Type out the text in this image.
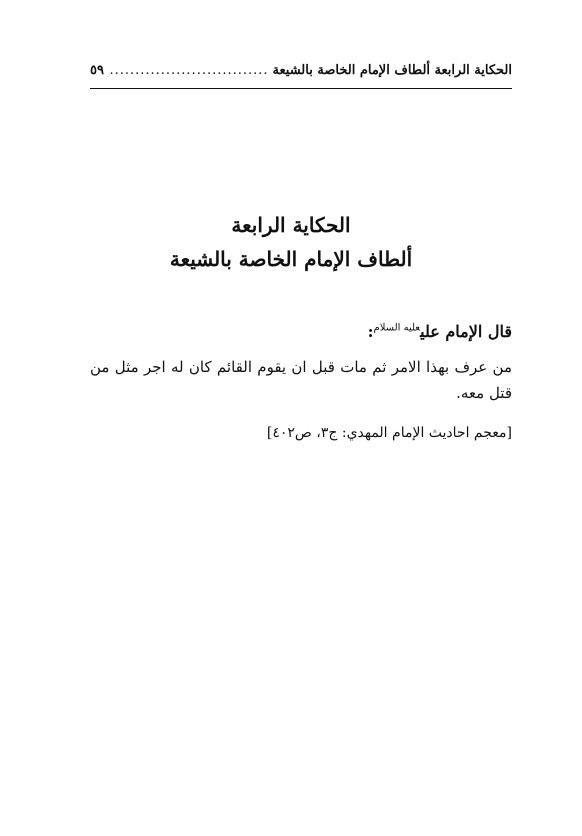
الحكاية الرابعة ألطاف الإمام الخاصة بالشيعة
.....
٥٩
الحكاية الرابعة
ألطاف الإمام الخاصة بالشيعة
قال الإمام علي$^{عليه السلام}$:
من عرف بهذا الامر ثم مات قبل ان يقوم القائم كان له اجر مثل من قتل معه.
[معجم احاديث الإمام المهدي: ج٣، ص٤٠٢]
